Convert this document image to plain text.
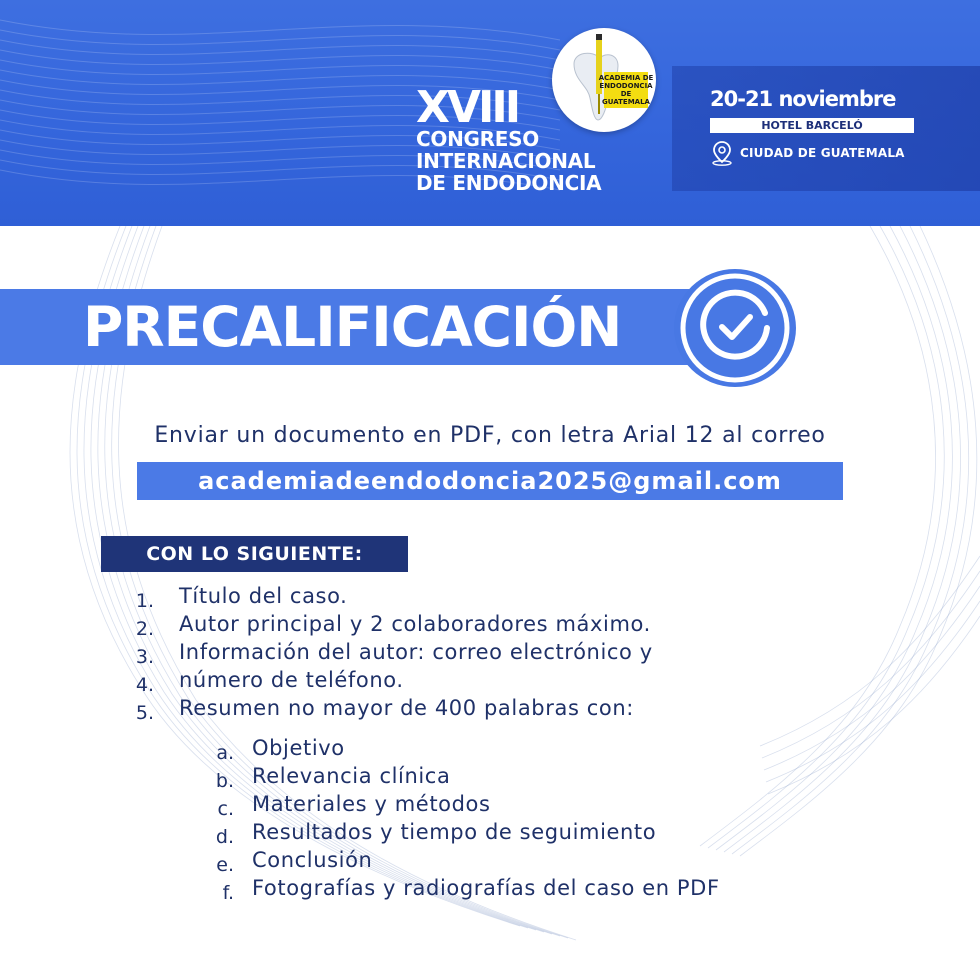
ACADEMIA DE
ENDODONCIA
DE
GUATEMALA
XVIII
CONGRESO
INTERNACIONAL
DE ENDODONCIA
20-21 noviembre
HOTEL BARCELÓ
CIUDAD DE GUATEMALA
PRECALIFICACIÓN
Enviar un documento en PDF, con letra Arial 12 al correo
academiadeendodoncia2025@gmail.com
CON LO SIGUIENTE:
1.
2.
3.
4.
5.
Título del caso.
Autor principal y 2 colaboradores máximo.
Información del autor: correo electrónico y
número de teléfono.
Resumen no mayor de 400 palabras con:
a.
b.
c.
d.
e.
f.
Objetivo
Relevancia clínica
Materiales y métodos
Resultados y tiempo de seguimiento
Conclusión
Fotografías y radiografías del caso en PDF
